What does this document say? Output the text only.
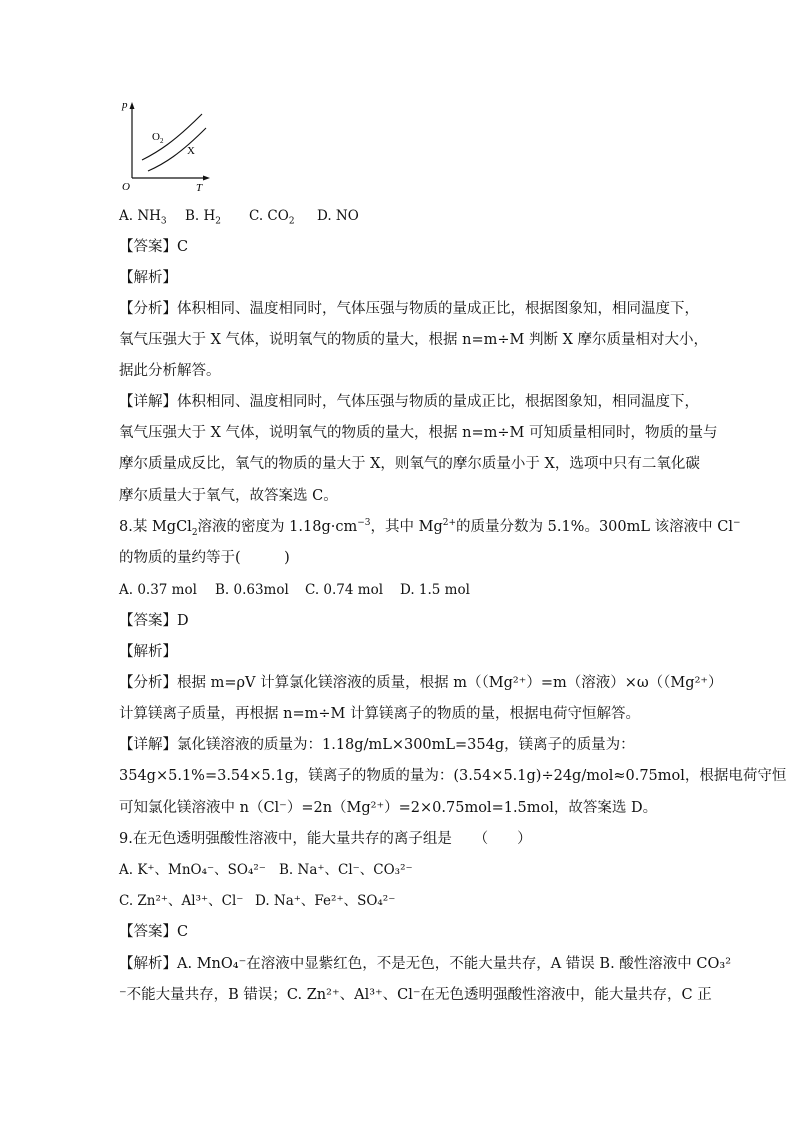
p
T
O
$O_2$
X
A. $NH_3$ B. $H_2$ C. $CO_2$ D. NO
【答案】C
【解析】
【分析】体积相同、温度相同时，气体压强与物质的量成正比，根据图象知，相同温度下，
氧气压强大于 X 气体，说明氧气的物质的量大，根据 n=m÷M 判断 X 摩尔质量相对大小，
据此分析解答。
【详解】体积相同、温度相同时，气体压强与物质的量成正比，根据图象知，相同温度下，
氧气压强大于 X 气体，说明氧气的物质的量大，根据 n=m÷M 可知质量相同时，物质的量与
摩尔质量成反比，氧气的物质的量大于 X，则氧气的摩尔质量小于 X，选项中只有二氧化碳
摩尔质量大于氧气，故答案选 C。
8.某 MgCl$_2$溶液的密度为 $1.18g\cdot cm^{-3}$，其中 $Mg^{2+}$的质量分数为 5.1%。300mL 该溶液中 Cl−
的物质的量约等于(　　　)
A. 0.37 mol B. 0.63mol C. 0.74 mol D. 1.5 mol
【答案】D
【解析】
【分析】根据 m=ρV 计算氯化镁溶液的质量，根据 m（（Mg²⁺）=m（溶液）×ω（（Mg²⁺）
计算镁离子质量，再根据 n=m÷M 计算镁离子的物质的量，根据电荷守恒解答。
【详解】氯化镁溶液的质量为：1.18g/mL×300mL=354g，镁离子的质量为：
354g×5.1%=3.54×5.1g，镁离子的物质的量为：(3.54×5.1g)÷24g/mol≈0.75mol，根据电荷守恒
可知氯化镁溶液中 n（Cl⁻）=2n（Mg²⁺）=2×0.75mol=1.5mol，故答案选 D。
9.在无色透明强酸性溶液中，能大量共存的离子组是　　（　　）
A. K⁺、MnO₄⁻、SO₄²⁻ B. Na⁺、Cl⁻、CO₃²⁻
C. Zn²⁺、Al³⁺、Cl⁻ D. Na⁺、Fe²⁺、SO₄²⁻
【答案】C
【解析】A. MnO₄⁻在溶液中显紫红色，不是无色，不能大量共存，A 错误 B. 酸性溶液中 CO₃²
⁻不能大量共存，B 错误；C. Zn²⁺、Al³⁺、Cl⁻在无色透明强酸性溶液中，能大量共存，C 正
